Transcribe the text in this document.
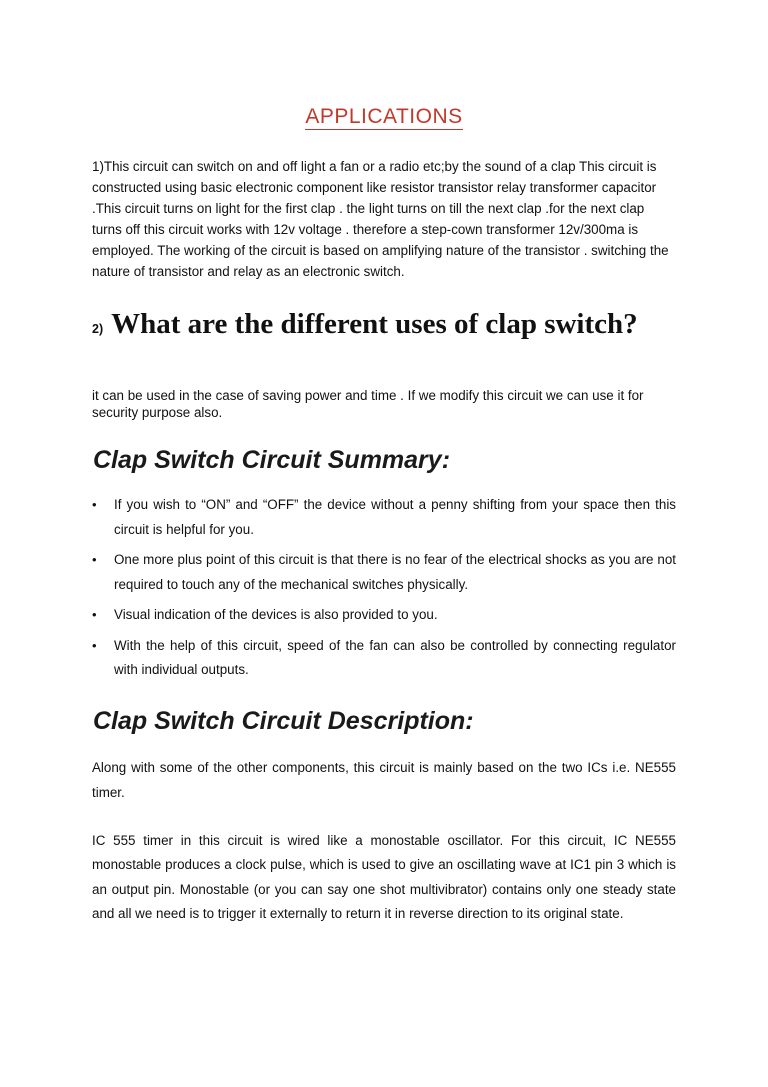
APPLICATIONS
1)This circuit can switch on and off light a fan or a radio etc;by the sound of a clap This circuit is constructed using basic electronic component like resistor transistor relay transformer capacitor .This circuit turns on light for the first clap . the light turns on till the next clap .for the next clap turns off this circuit works with 12v voltage . therefore a step-cown transformer 12v/300ma is employed. The working of the circuit is based on amplifying nature of the transistor . switching the nature of transistor and relay as an electronic switch.
2) What are the different uses of clap switch?
it can be used in the case of saving power and time . If we modify this circuit we can use it for security purpose also.
Clap Switch Circuit Summary:
• If you wish to “ON” and “OFF” the device without a penny shifting from your space then this circuit is helpful for you.
• One more plus point of this circuit is that there is no fear of the electrical shocks as you are not required to touch any of the mechanical switches physically.
• Visual indication of the devices is also provided to you.
• With the help of this circuit, speed of the fan can also be controlled by connecting regulator with individual outputs.
Clap Switch Circuit Description:
Along with some of the other components, this circuit is mainly based on the two ICs i.e. NE555 timer.
IC 555 timer in this circuit is wired like a monostable oscillator. For this circuit, IC NE555 monostable produces a clock pulse, which is used to give an oscillating wave at IC1 pin 3 which is an output pin. Monostable (or you can say one shot multivibrator) contains only one steady state and all we need is to trigger it externally to return it in reverse direction to its original state.
